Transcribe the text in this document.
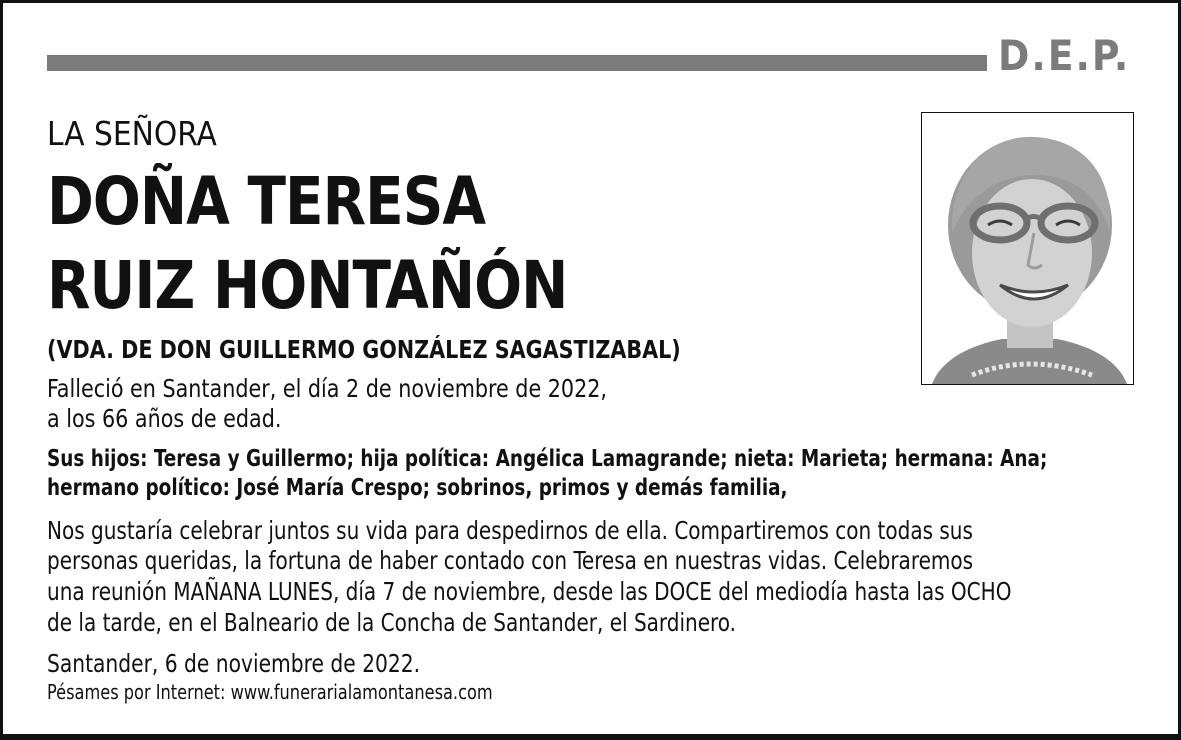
D.E.P.
LA SEÑORA
DOÑA TERESA
RUIZ HONTAÑÓN
(VDA. DE DON GUILLERMO GONZÁLEZ SAGASTIZABAL)
Falleció en Santander, el día 2 de noviembre de 2022,
a los 66 años de edad.
Sus hijos: Teresa y Guillermo; hija política: Angélica Lamagrande; nieta: Marieta; hermana: Ana;
hermano político: José María Crespo; sobrinos, primos y demás familia,
Nos gustaría celebrar juntos su vida para despedirnos de ella. Compartiremos con todas sus
personas queridas, la fortuna de haber contado con Teresa en nuestras vidas. Celebraremos
una reunión MAÑANA LUNES, día 7 de noviembre, desde las DOCE del mediodía hasta las OCHO
de la tarde, en el Balneario de la Concha de Santander, el Sardinero.
Santander, 6 de noviembre de 2022.
Pésames por Internet: www.funerarialamontanesa.com
